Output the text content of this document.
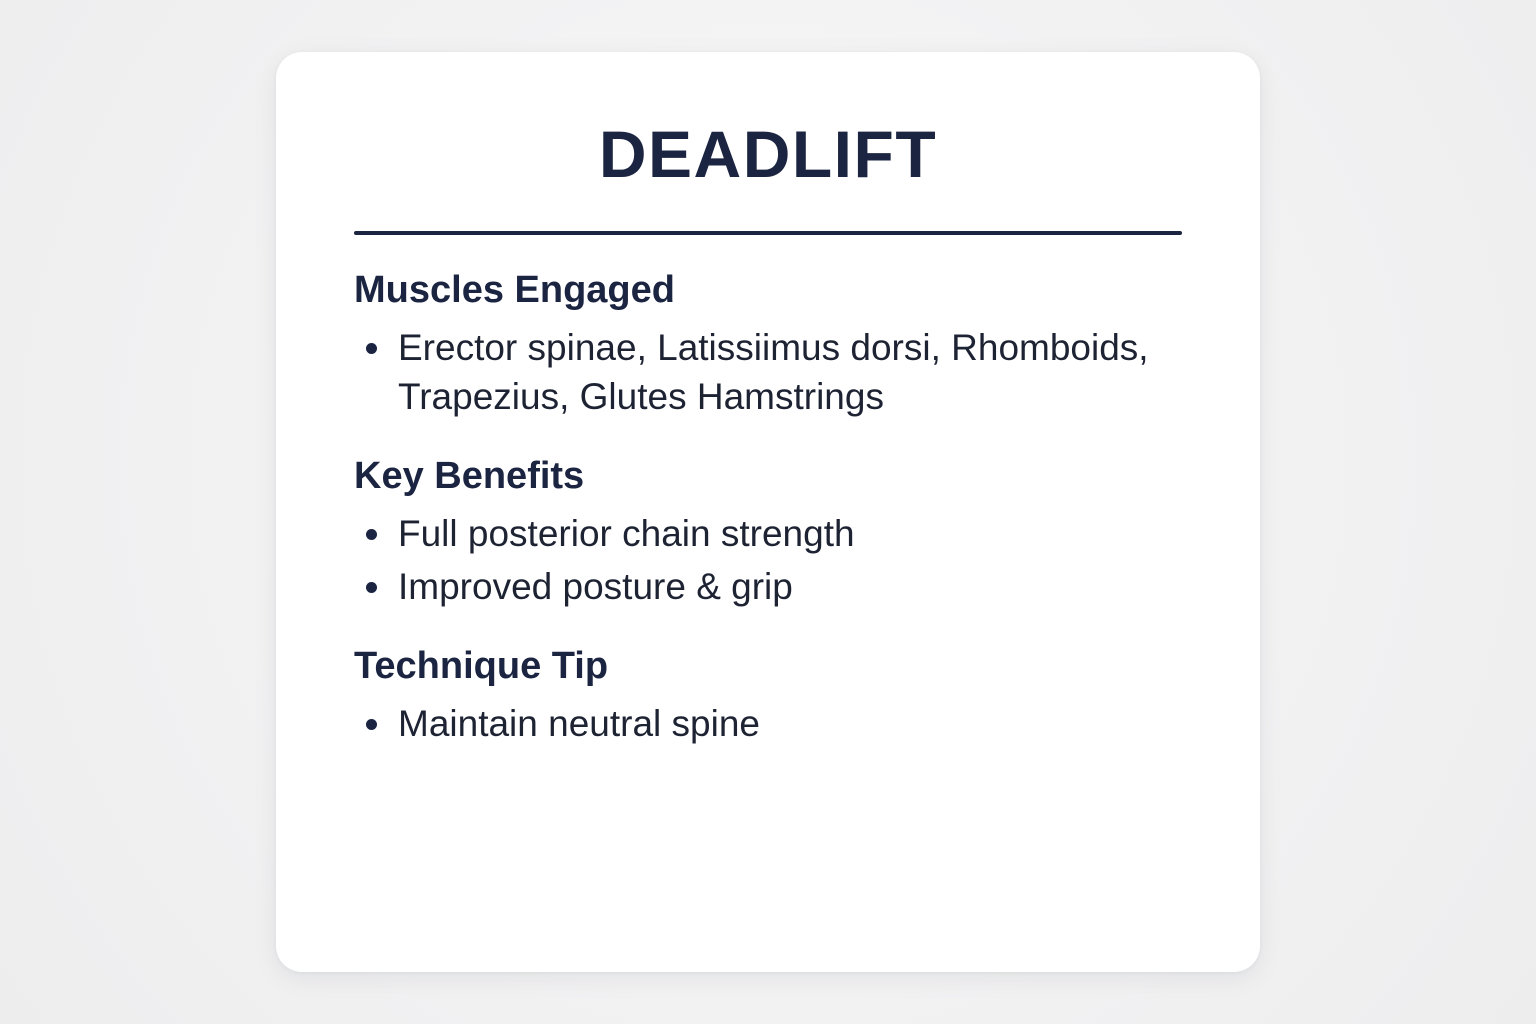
DEADLIFT
Muscles Engaged
Erector spinae, Latissiimus dorsi, Rhomboids, Trapezius, Glutes Hamstrings
Key Benefits
Full posterior chain strength
Improved posture & grip
Technique Tip
Maintain neutral spine
